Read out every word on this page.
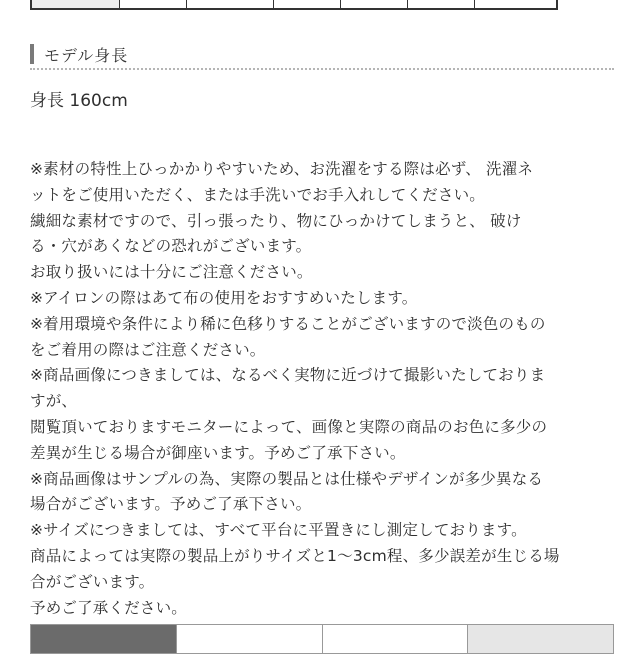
モデル身長
身長 160cm
※素材の特性上ひっかかりやすいため、お洗濯をする際は必ず、 洗濯ネ
ットをご使用いただく、または手洗いでお手入れしてください。
繊細な素材ですので、引っ張ったり、物にひっかけてしまうと、 破け
る・穴があくなどの恐れがございます。
お取り扱いには十分にご注意ください。
※アイロンの際はあて布の使用をおすすめいたします。
※着用環境や条件により稀に色移りすることがございますので淡色のもの
をご着用の際はご注意ください。
※商品画像につきましては、なるべく実物に近づけて撮影いたしておりま
すが、
閲覧頂いておりますモニターによって、画像と実際の商品のお色に多少の
差異が生じる場合が御座います。予めご了承下さい。
※商品画像はサンプルの為、実際の製品とは仕様やデザインが多少異なる
場合がございます。予めご了承下さい。
※サイズにつきましては、すべて平台に平置きにし測定しております。
商品によっては実際の製品上がりサイズと1〜3cm程、多少誤差が生じる場
合がございます。
予めご了承ください。
